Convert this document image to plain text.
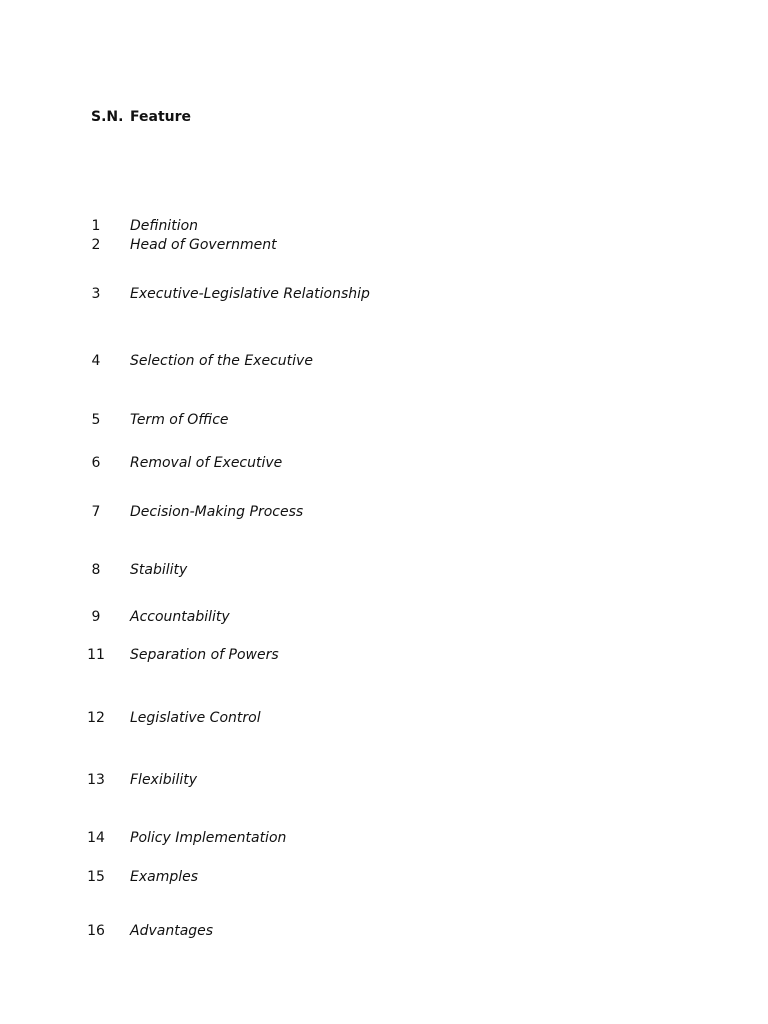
S.N. Feature
1	Definition
2	Head of Government
3	Executive-Legislative Relationship
4	Selection of the Executive
5	Term of Office
6	Removal of Executive
7	Decision-Making Process
8	Stability
9	Accountability
11	Separation of Powers
12	Legislative Control
13	Flexibility
14	Policy Implementation
15	Examples
16	Advantages
